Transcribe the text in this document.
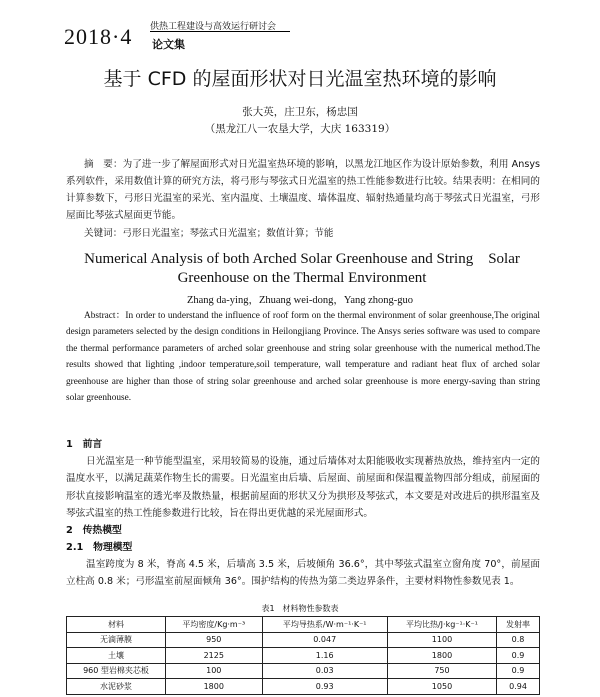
2018·4 供热工程建设与高效运行研讨会
论文集
基于 CFD 的屋面形状对日光温室热环境的影响
张大英，庄卫东，杨忠国
（黑龙江八一农垦大学，大庆 163319）
摘　要：为了进一步了解屋面形式对日光温室热环境的影响，以黑龙江地区作为设计原始参数，利用 Ansys 系列软件，采用数值计算的研究方法，将弓形与琴弦式日光温室的热工性能参数进行比较。结果表明：在相同的计算参数下，弓形日光温室的采光、室内温度、土壤温度、墙体温度、辐射热通量均高于琴弦式日光温室，弓形屋面比琴弦式屋面更节能。
关键词：弓形日光温室；琴弦式日光温室；数值计算；节能
Numerical Analysis of both Arched Solar Greenhouse and String　Solar Greenhouse on the Thermal Environment
Zhang da-ying，Zhuang wei-dong，Yang zhong-guo
Abstract：In order to understand the influence of roof form on the thermal environment of solar greenhouse,The original design parameters selected by the design conditions in Heilongjiang Province. The Ansys series software was used to compare the thermal performance parameters of arched solar greenhouse and string solar greenhouse with the numerical method.The results showed that lighting ,indoor temperature,soil temperature, wall temperature and radiant heat flux of arched solar greenhouse are higher than those of string solar greenhouse and arched solar greenhouse is more energy-saving than string solar greenhouse.
1　前言
日光温室是一种节能型温室，采用较简易的设施，通过后墙体对太阳能吸收实现蓄热放热，维持室内一定的温度水平，以满足蔬菜作物生长的需要。日光温室由后墙、后屋面、前屋面和保温覆盖物四部分组成，前屋面的形状直接影响温室的透光率及散热量，根据前屋面的形状又分为拱形及琴弦式，本文要是对改进后的拱形温室及琴弦式温室的热工性能参数进行比较，旨在得出更优越的采光屋面形式。
2　传热模型
2.1　物理模型
温室跨度为 8 米，脊高 4.5 米，后墙高 3.5 米，后坡倾角 36.6°，其中琴弦式温室立窗角度 70°，前屋面立柱高 0.8 米；弓形温室前屋面倾角 36°。围护结构的传热为第二类边界条件，主要材料物性参数见表 1。
表1　材料物性参数表
材料	平均密度/Kg·m⁻³	平均导热系/W·m⁻¹·K⁻¹	平均比热/J·kg⁻¹·K⁻¹	发射率
无滴薄膜	950	0.047	1100	0.8
土壤	2125	1.16	1800	0.9
960 型岩棉夹芯板	100	0.03	750	0.9
水泥砂浆	1800	0.93	1050	0.94
